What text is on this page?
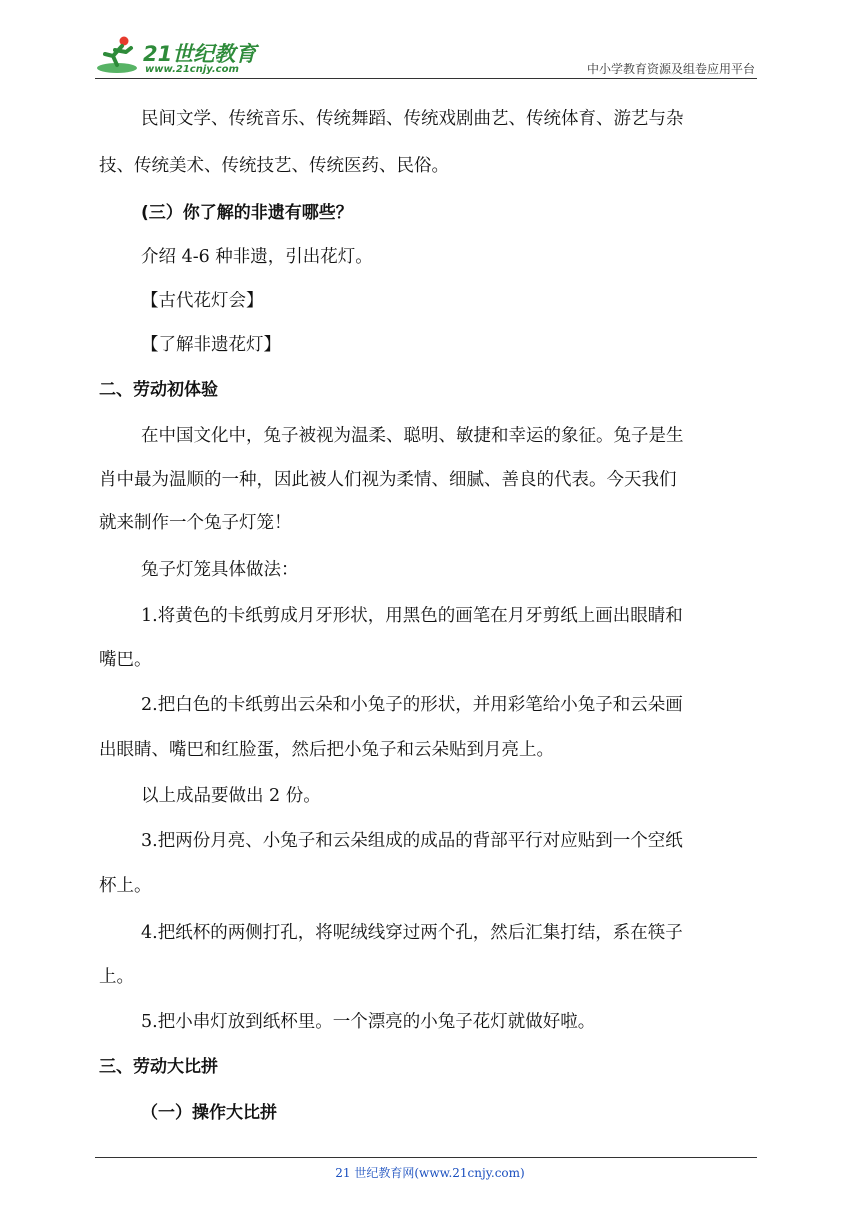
21世纪教育
www.21cnjy.com	中小学教育资源及组卷应用平台
民间文学、传统音乐、传统舞蹈、传统戏剧曲艺、传统体育、游艺与杂
技、传统美术、传统技艺、传统医药、民俗。
(三）你了解的非遗有哪些？
介绍 4-6 种非遗，引出花灯。
【古代花灯会】
【了解非遗花灯】
二、劳动初体验
在中国文化中，兔子被视为温柔、聪明、敏捷和幸运的象征。兔子是生
肖中最为温顺的一种，因此被人们视为柔情、细腻、善良的代表。今天我们
就来制作一个兔子灯笼！
兔子灯笼具体做法：
1.将黄色的卡纸剪成月牙形状，用黑色的画笔在月牙剪纸上画出眼睛和
嘴巴。
2.把白色的卡纸剪出云朵和小兔子的形状，并用彩笔给小兔子和云朵画
出眼睛、嘴巴和红脸蛋，然后把小兔子和云朵贴到月亮上。
以上成品要做出 2 份。
3.把两份月亮、小兔子和云朵组成的成品的背部平行对应贴到一个空纸
杯上。
4.把纸杯的两侧打孔，将呢绒线穿过两个孔，然后汇集打结，系在筷子
上。
5.把小串灯放到纸杯里。一个漂亮的小兔子花灯就做好啦。
三、劳动大比拼
（一）操作大比拼
21 世纪教育网(www.21cnjy.com)
